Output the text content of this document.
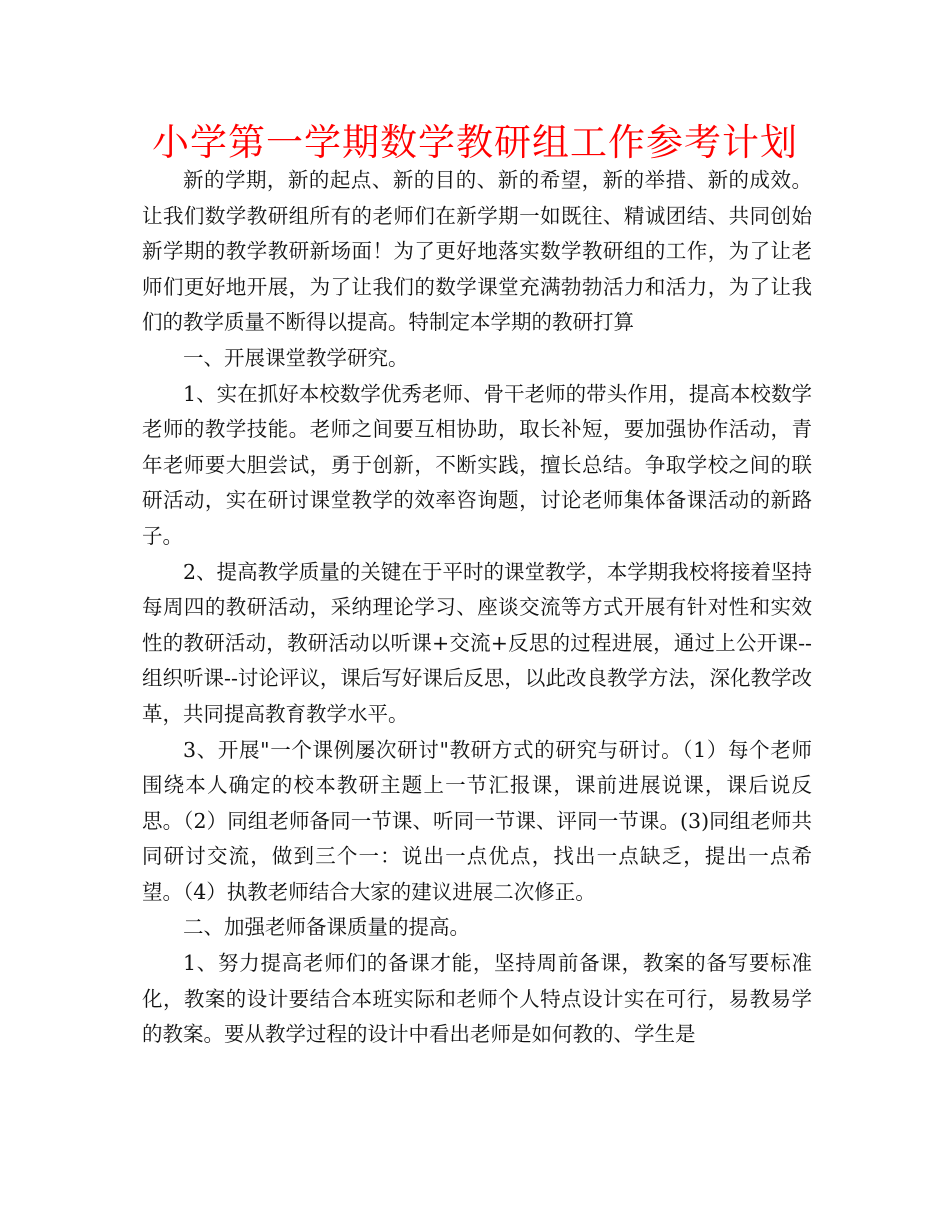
小学第一学期数学教研组工作参考计划

新的学期，新的起点、新的目的、新的希望，新的举措、新的成效。让我们数学教研组所有的老师们在新学期一如既往、精诚团结、共同创始新学期的教学教研新场面！为了更好地落实数学教研组的工作，为了让老师们更好地开展，为了让我们的数学课堂充满勃勃活力和活力，为了让我们的教学质量不断得以提高。特制定本学期的教研打算

一、开展课堂教学研究。

1、实在抓好本校数学优秀老师、骨干老师的带头作用，提高本校数学老师的教学技能。老师之间要互相协助，取长补短，要加强协作活动，青年老师要大胆尝试，勇于创新，不断实践，擅长总结。争取学校之间的联研活动，实在研讨课堂教学的效率咨询题，讨论老师集体备课活动的新路子。

2、提高教学质量的关键在于平时的课堂教学，本学期我校将接着坚持每周四的教研活动，采纳理论学习、座谈交流等方式开展有针对性和实效性的教研活动，教研活动以听课+交流+反思的过程进展，通过上公开课--组织听课--讨论评议，课后写好课后反思，以此改良教学方法，深化教学改革，共同提高教育教学水平。

3、开展"一个课例屡次研讨"教研方式的研究与研讨。（1）每个老师围绕本人确定的校本教研主题上一节汇报课，课前进展说课，课后说反思。（2）同组老师备同一节课、听同一节课、评同一节课。(3)同组老师共同研讨交流，做到三个一：说出一点优点，找出一点缺乏，提出一点希望。（4）执教老师结合大家的建议进展二次修正。

二、加强老师备课质量的提高。

1、努力提高老师们的备课才能，坚持周前备课，教案的备写要标准化，教案的设计要结合本班实际和老师个人特点设计实在可行，易教易学的教案。要从教学过程的设计中看出老师是如何教的、学生是
